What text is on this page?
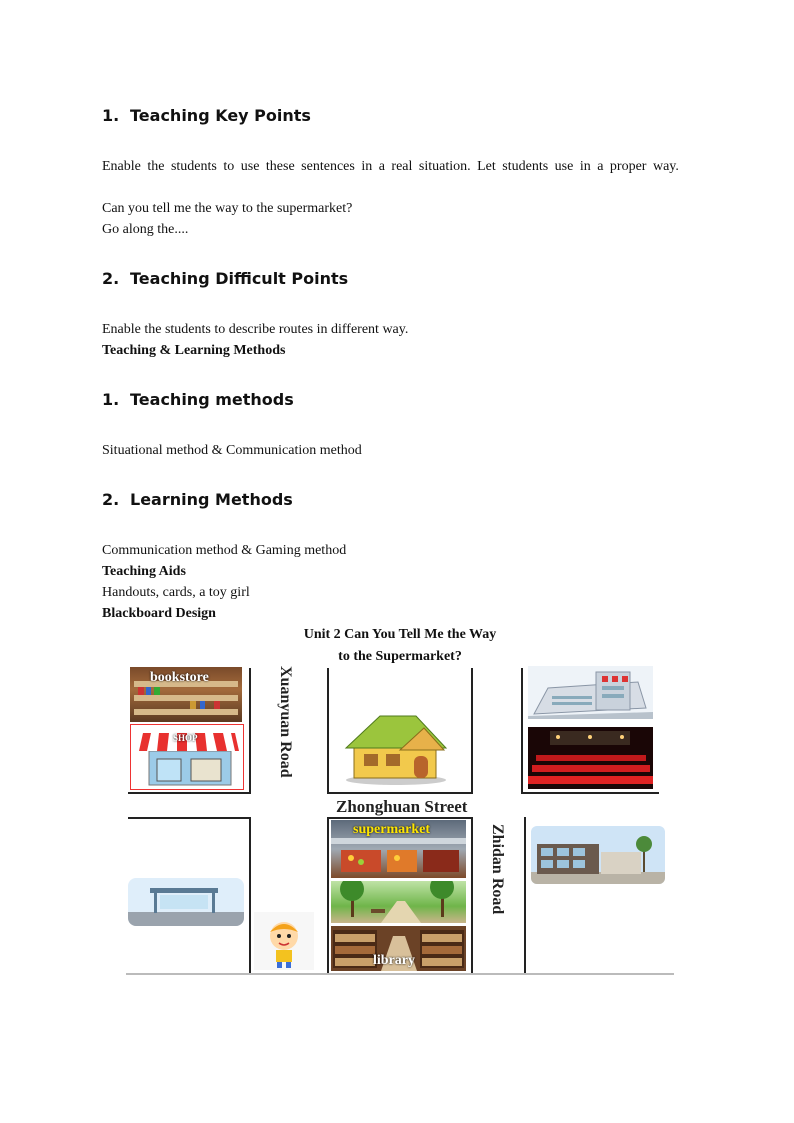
1. Teaching Key Points

Enable the students to use these sentences in a real situation. Let students use in a proper way.

Can you tell me the way to the supermarket?

Go along the....

2. Teaching Difficult Points

Enable the students to describe routes in different way.

Teaching & Learning Methods

1. Teaching methods

Situational method & Communication method

2. Learning Methods

Communication method & Gaming method

Teaching Aids

Handouts, cards, a toy girl

Blackboard Design

Unit 2 Can You Tell Me the Way
to the Supermarket?
Xuanyuan Road
Zhonghuan Street
Zhidan Road
bookstore
SHOP
supermarket
library
